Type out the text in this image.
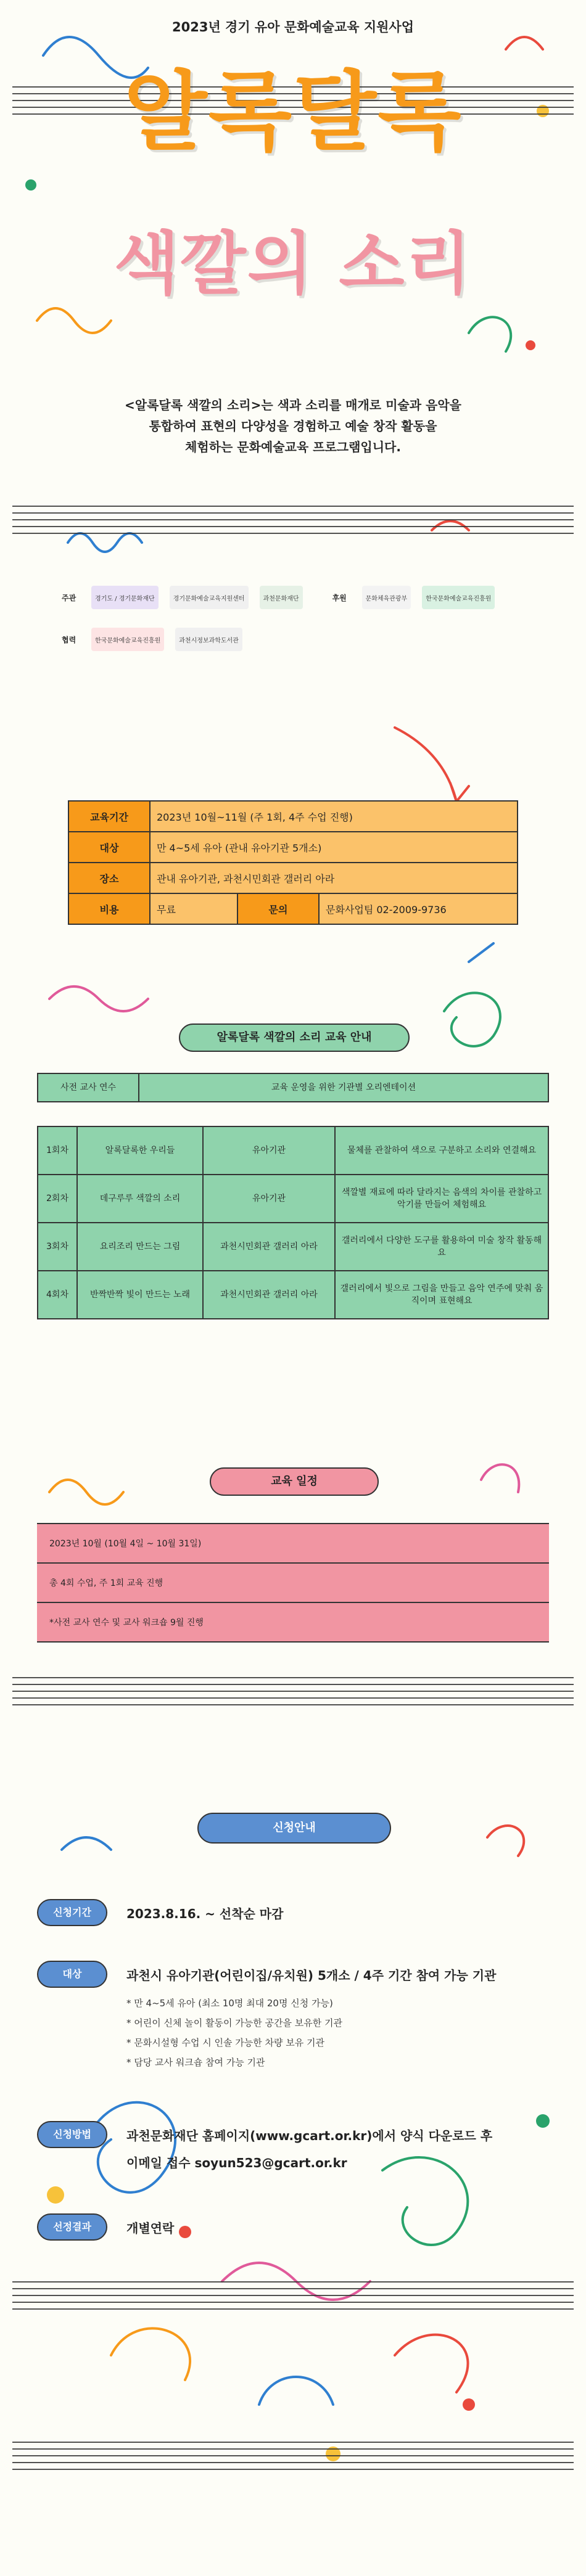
2023년 경기 유아 문화예술교육 지원사업
알록달록
색깔의 소리
<알록달록 색깔의 소리>는 색과 소리를 매개로 미술과 음악을
통합하여 표현의 다양성을 경험하고 예술 창작 활동을
체험하는 문화예술교육 프로그램입니다.
주관	경기도 / 경기문화재단	경기문화예술교육지원센터	과천문화재단	후원	문화체육관광부	한국문화예술교육진흥원
협력	한국문화예술교육진흥원	과천시정보과학도서관
교육기간	2023년 10월~11월 (주 1회, 4주 수업 진행)		
대상	만 4~5세 유아 (관내 유아기관 5개소)		
장소	관내 유아기관, 과천시민회관 갤러리 아라		
비용	무료	문의	문화사업팀 02-2009-9736
알록달록 색깔의 소리 교육 안내
사전 교사 연수	교육 운영을 위한 기관별 오리엔테이션
1회차	알록달록한 우리들	유아기관	물체를 관찰하여 색으로 구분하고 소리와 연결해요
2회차	데구루루 색깔의 소리	유아기관	색깔별 재료에 따라 달라지는 음색의 차이를 관찰하고 악기를 만들어 체험해요
3회차	요리조리 만드는 그림	과천시민회관 갤러리 아라	갤러리에서 다양한 도구를 활용하여 미술 창작 활동해요
4회차	반짝반짝 빛이 만드는 노래	과천시민회관 갤러리 아라	갤러리에서 빛으로 그림을 만들고 음악 연주에 맞춰 움직이며 표현해요
교육 일정
2023년 10월 (10월 4일 ~ 10월 31일)
총 4회 수업, 주 1회 교육 진행
*사전 교사 연수 및 교사 워크숍 9월 진행
신청안내
신청기간	2023.8.16. ~ 선착순 마감
대상	과천시 유아기관(어린이집/유치원) 5개소 / 4주 기간 참여 가능 기관
* 만 4~5세 유아 (최소 10명 최대 20명 신청 가능)
* 어린이 신체 놀이 활동이 가능한 공간을 보유한 기관
* 문화시설형 수업 시 인솔 가능한 차량 보유 기관
* 담당 교사 워크숍 참여 가능 기관
신청방법	과천문화재단 홈페이지(www.gcart.or.kr)에서 양식 다운로드 후
이메일 접수 soyun523@gcart.or.kr
선정결과	개별연락
